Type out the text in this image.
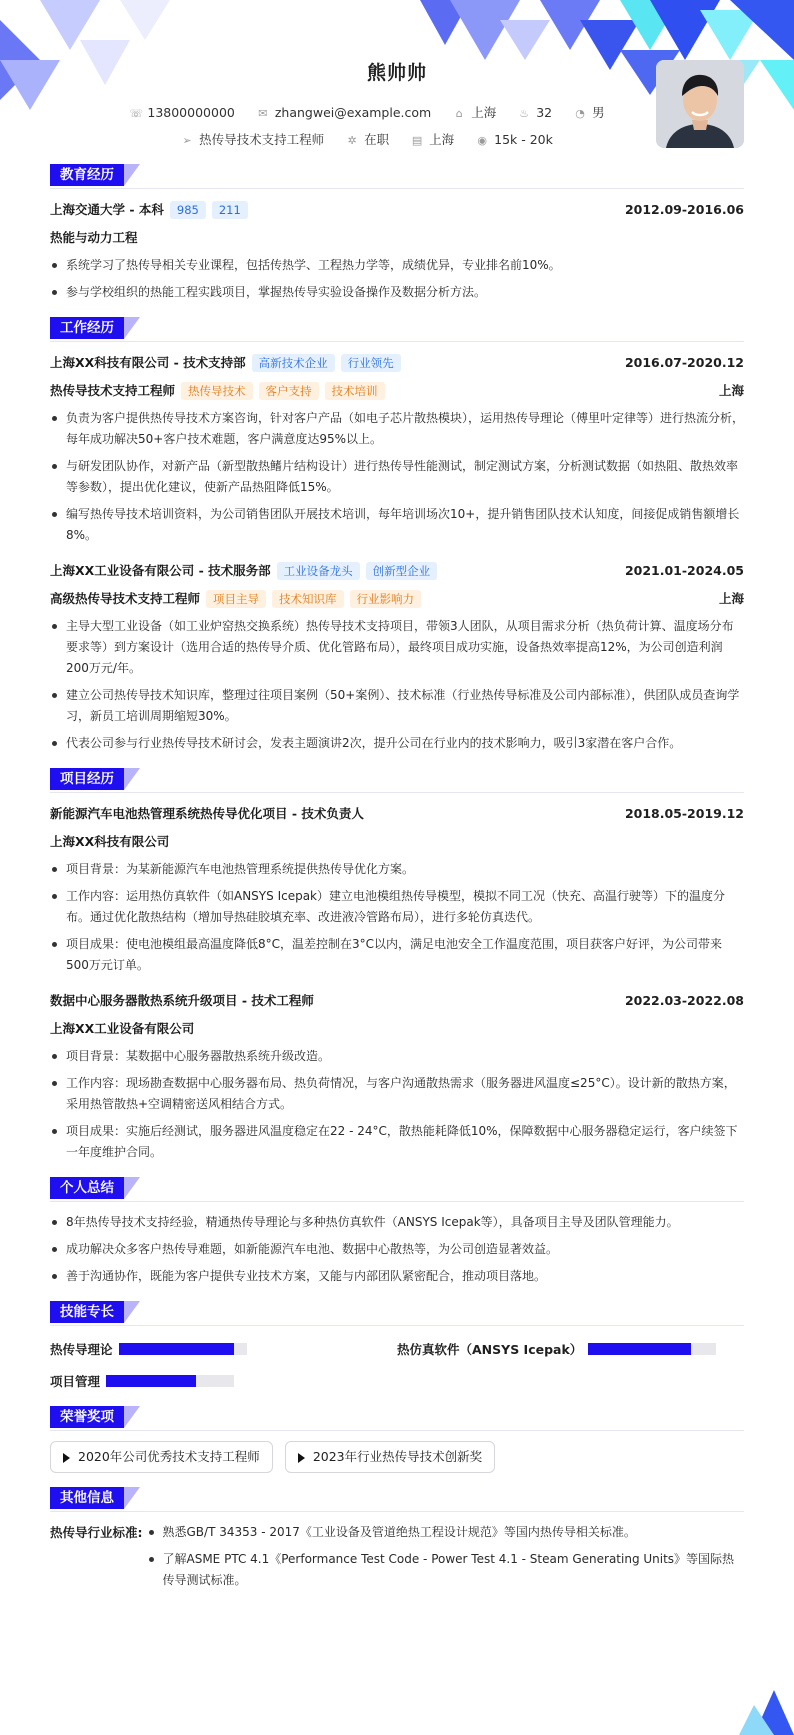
熊帅帅
☏ 13800000000 ✉ zhangwei@example.com ⌂ 上海 ♨ 32 ◔ 男
➢ 热传导技术支持工程师 ✲ 在职 ▤ 上海 ◉ 15k - 20k
教育经历
上海交通大学 - 本科 985 211	2012.09-2016.06
热能与动力工程
系统学习了热传导相关专业课程，包括传热学、工程热力学等，成绩优异，专业排名前10%。
参与学校组织的热能工程实践项目，掌握热传导实验设备操作及数据分析方法。
工作经历
上海XX科技有限公司 - 技术支持部 高新技术企业 行业领先	2016.07-2020.12
热传导技术支持工程师 热传导技术 客户支持 技术培训	上海
负责为客户提供热传导技术方案咨询，针对客户产品（如电子芯片散热模块），运用热传导理论（傅里叶定律等）进行热流分析，每年成功解决50+客户技术难题，客户满意度达95%以上。
与研发团队协作，对新产品（新型散热鳍片结构设计）进行热传导性能测试，制定测试方案，分析测试数据（如热阻、散热效率等参数），提出优化建议，使新产品热阻降低15%。
编写热传导技术培训资料，为公司销售团队开展技术培训，每年培训场次10+，提升销售团队技术认知度，间接促成销售额增长8%。
上海XX工业设备有限公司 - 技术服务部 工业设备龙头 创新型企业	2021.01-2024.05
高级热传导技术支持工程师 项目主导 技术知识库 行业影响力	上海
主导大型工业设备（如工业炉窑热交换系统）热传导技术支持项目，带领3人团队，从项目需求分析（热负荷计算、温度场分布要求等）到方案设计（选用合适的热传导介质、优化管路布局），最终项目成功实施，设备热效率提高12%，为公司创造利润200万元/年。
建立公司热传导技术知识库，整理过往项目案例（50+案例）、技术标准（行业热传导标准及公司内部标准），供团队成员查询学习，新员工培训周期缩短30%。
代表公司参与行业热传导技术研讨会，发表主题演讲2次，提升公司在行业内的技术影响力，吸引3家潜在客户合作。
项目经历
新能源汽车电池热管理系统热传导优化项目 - 技术负责人	2018.05-2019.12
上海XX科技有限公司
项目背景：为某新能源汽车电池热管理系统提供热传导优化方案。
工作内容：运用热仿真软件（如ANSYS Icepak）建立电池模组热传导模型，模拟不同工况（快充、高温行驶等）下的温度分布。通过优化散热结构（增加导热硅胶填充率、改进液冷管路布局），进行多轮仿真迭代。
项目成果：使电池模组最高温度降低8°C，温差控制在3°C以内，满足电池安全工作温度范围，项目获客户好评，为公司带来500万元订单。
数据中心服务器散热系统升级项目 - 技术工程师	2022.03-2022.08
上海XX工业设备有限公司
项目背景：某数据中心服务器散热系统升级改造。
工作内容：现场勘查数据中心服务器布局、热负荷情况，与客户沟通散热需求（服务器进风温度≤25°C）。设计新的散热方案，采用热管散热+空调精密送风相结合方式。
项目成果：实施后经测试，服务器进风温度稳定在22 - 24°C，散热能耗降低10%，保障数据中心服务器稳定运行，客户续签下一年度维护合同。
个人总结
8年热传导技术支持经验，精通热传导理论与多种热仿真软件（ANSYS Icepak等），具备项目主导及团队管理能力。
成功解决众多客户热传导难题，如新能源汽车电池、数据中心散热等，为公司创造显著效益。
善于沟通协作，既能为客户提供专业技术方案，又能与内部团队紧密配合，推动项目落地。
技能专长
热传导理论	热仿真软件（ANSYS Icepak）
项目管理
荣誉奖项
2020年公司优秀技术支持工程师	2023年行业热传导技术创新奖
其他信息
热传导行业标准:	熟悉GB/T 34353 - 2017《工业设备及管道绝热工程设计规范》等国内热传导相关标准。
了解ASME PTC 4.1《Performance Test Code - Power Test 4.1 - Steam Generating Units》等国际热传导测试标准。
